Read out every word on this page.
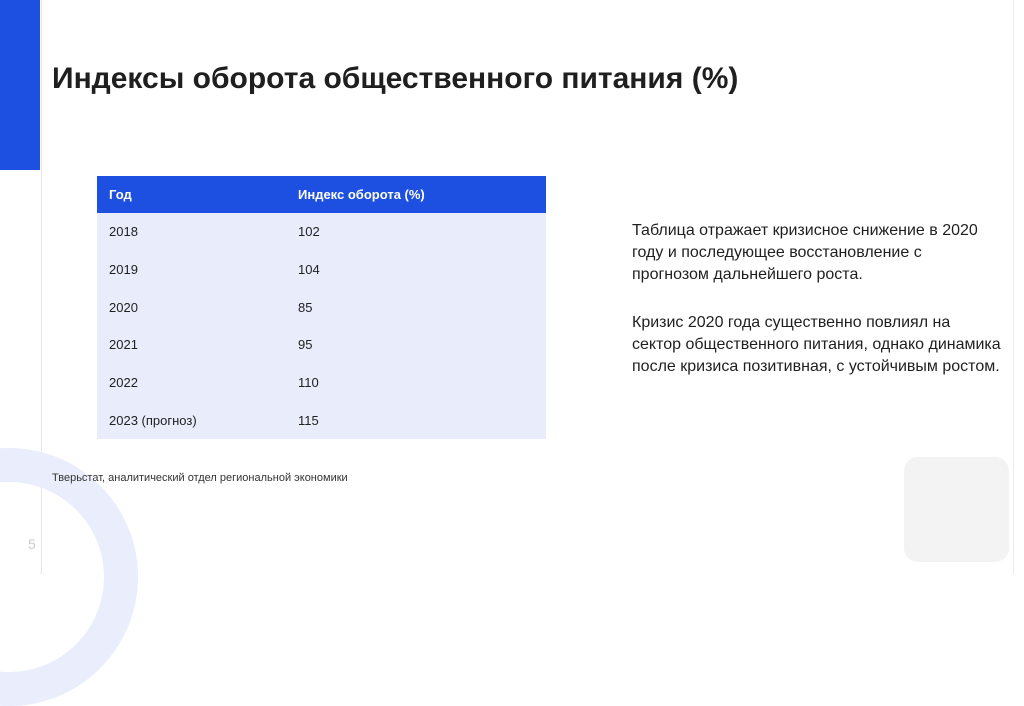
Индексы оборота общественного питания (%)
Год	Индекс оборота (%)
2018	102
2019	104
2020	85
2021	95
2022	110
2023 (прогноз)	115
Таблица отражает кризисное снижение в 2020 году и последующее восстановление с прогнозом дальнейшего роста.
Кризис 2020 года существенно повлиял на сектор общественного питания, однако динамика после кризиса позитивная, с устойчивым ростом.
Тверьстат, аналитический отдел региональной экономики
5
